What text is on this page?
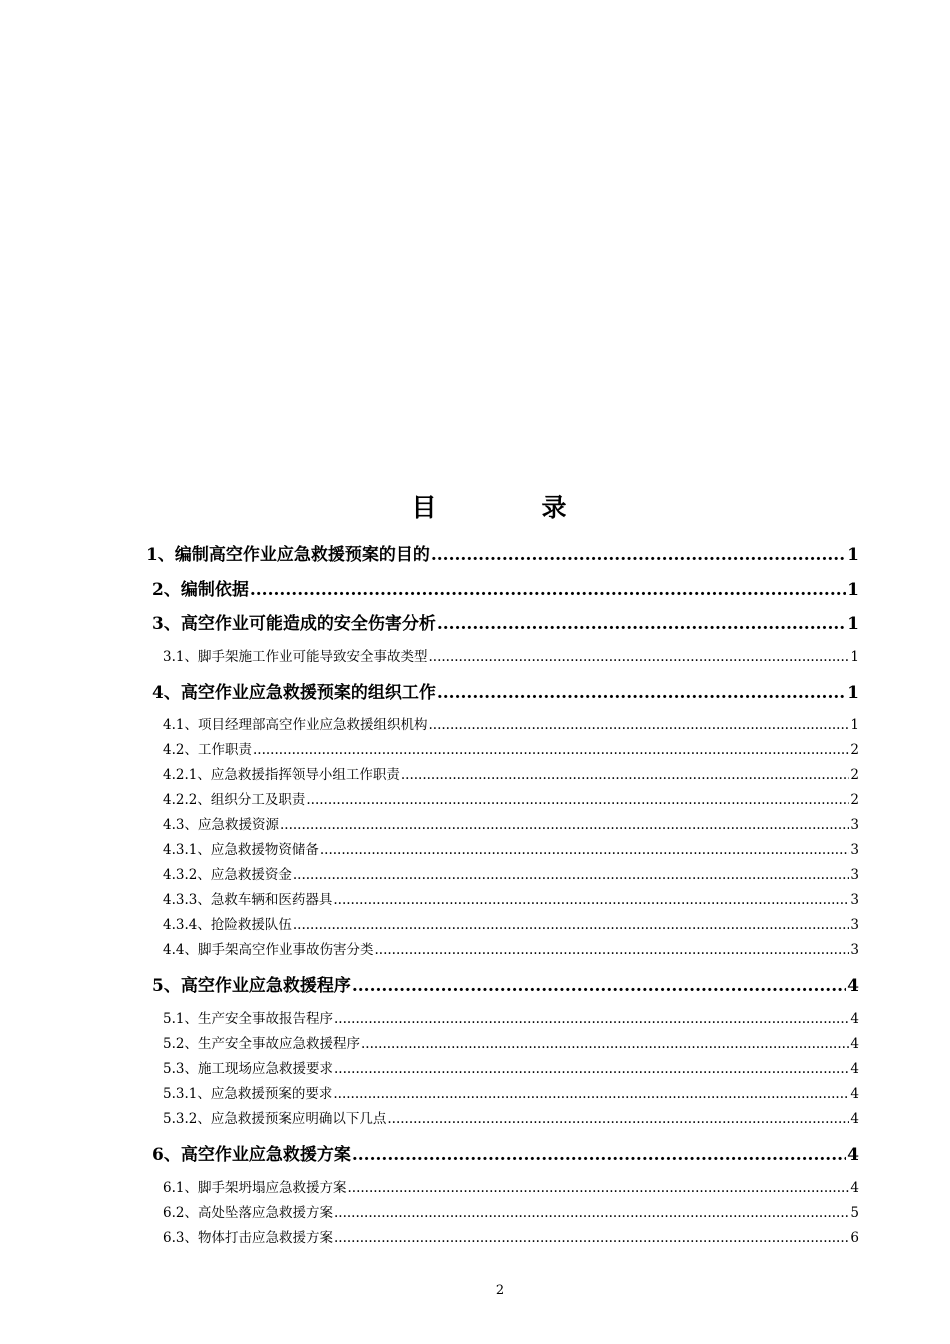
目　录
1、编制高空作业应急救援预案的目的 .....	1
2、编制依据 .....	1
3、高空作业可能造成的安全伤害分析 .....	1
3.1、脚手架施工作业可能导致安全事故类型 .....	1
4、高空作业应急救援预案的组织工作 .....	1
4.1、项目经理部高空作业应急救援组织机构 .....	1
4.2、工作职责 .....	2
4.2.1、应急救援指挥领导小组工作职责 .....	2
4.2.2、组织分工及职责 .....	2
4.3、应急救援资源 .....	3
4.3.1、应急救援物资储备 .....	3
4.3.2、应急救援资金 .....	3
4.3.3、急救车辆和医药器具 .....	3
4.3.4、抢险救援队伍 .....	3
4.4、脚手架高空作业事故伤害分类 .....	3
5、高空作业应急救援程序 .....	4
5.1、生产安全事故报告程序 .....	4
5.2、生产安全事故应急救援程序 .....	4
5.3、施工现场应急救援要求 .....	4
5.3.1、应急救援预案的要求 .....	4
5.3.2、应急救援预案应明确以下几点 .....	4
6、高空作业应急救援方案 .....	4
6.1、脚手架坍塌应急救援方案 .....	4
6.2、高处坠落应急救援方案 .....	5
6.3、物体打击应急救援方案 .....	6
2
